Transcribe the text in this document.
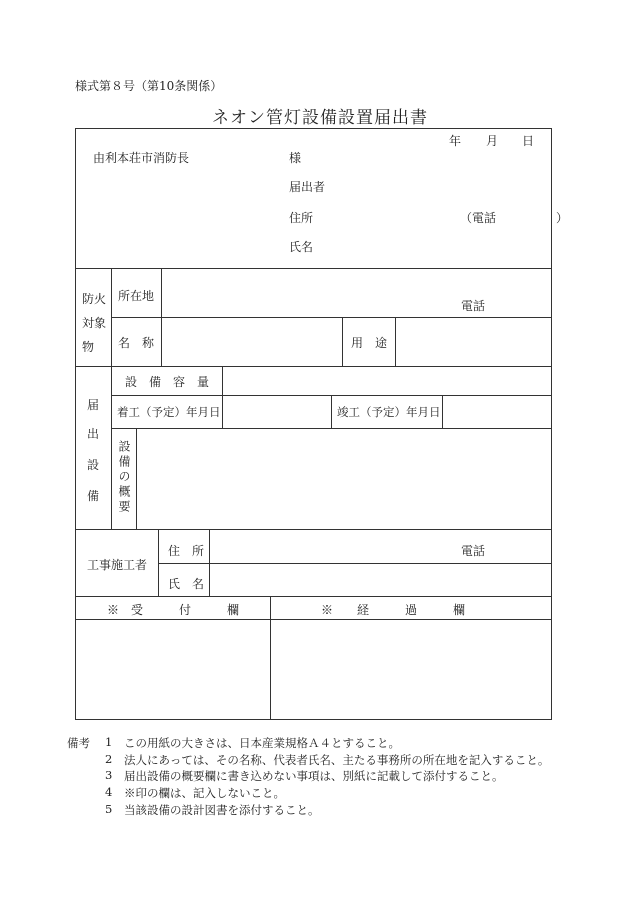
様式第８号（第10条関係）
ネオン管灯設備設置届出書
年 月 日
由利本荘市消防長	様
届出者
住所	（電話　　　　　）
氏名
防火
対象
物
所在地
電話
名　称	用　途
届
出
設
備
設　備　容　量
着工（予定）年月日	竣工（予定）年月日
設備の概要
工事施工者
住　所	電話
氏　名
※　受　　　付　　　欄	※　　経　　　過　　　欄
備考 1 この用紙の大きさは、日本産業規格Ａ４とすること。
2 法人にあっては、その名称、代表者氏名、主たる事務所の所在地を記入すること。
3 届出設備の概要欄に書き込めない事項は、別紙に記載して添付すること。
4 ※印の欄は、記入しないこと。
5 当該設備の設計図書を添付すること。
